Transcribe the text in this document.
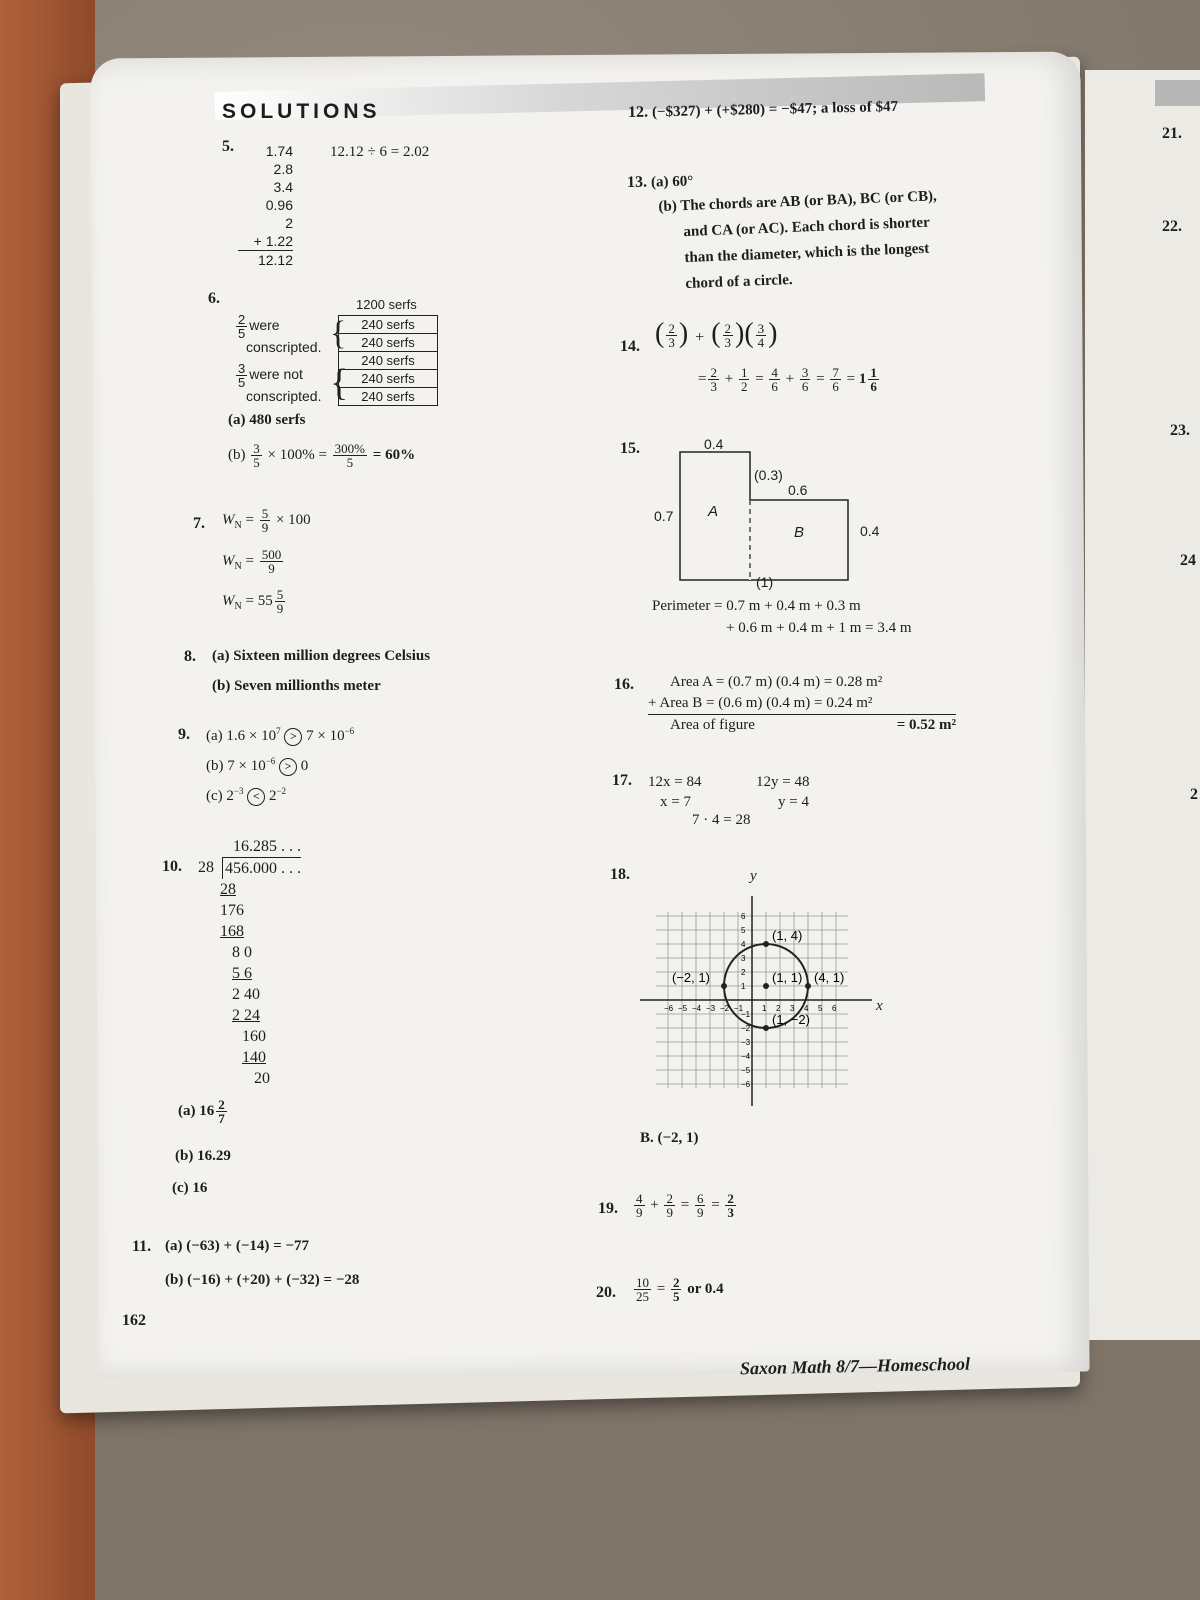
21.
22.
23.
24
2
SOLUTIONS
5.	1.74
2.8
3.4
0.96
2
+ 1.22
12.12
12.12 ÷ 6 = 2.02
6.
$\frac{2}{5}$ were
conscripted.
$\frac{3}{5}$ were not
conscripted.
1200 serfs
{
{
240 serfs
240 serfs
240 serfs
240 serfs
240 serfs
(a) 480 serfs
$(b) \frac{3}{5} \times 100\% = \frac{300\%}{5} = 60\%$
7. $W_N = \frac{5}{9} \times 100$
$W_N = \frac{500}{9}$
$W_N = 55 \frac{5}{9}$
8. (a) Sixteen million degrees Celsius
(b) Seven millionths meter
9. (a) $1.6 \times 10^7 > 7 \times 10^{-6}$
(b) $7 \times 10^{-6} > 0$
(c) $2^{-3} < 2^{-2}$
10.
16.285 . . .
28 456.000 . . .
28
176
168
8 0
5 6
2 40
2 24
160
140
20
(a) $16 \frac{2}{7}$
(b) 16.29
(c) 16
11. (a) (−63) + (−14) = −77
(b) (−16) + (+20) + (−32) = −28
162
12. (−$327) + (+$280) = −$47; a loss of $47
13. (a) 60°
(b) The chords are AB (or BA), BC (or CB),
and CA (or AC). Each chord is shorter
than the diameter, which is the longest
chord of a circle.
14. ( $\frac{2}{3}$ ) + ( $\frac{2}{3}$ )( $\frac{3}{4}$ )
= $\frac{2}{3} + \frac{1}{2} = \frac{4}{6} + \frac{3}{6} = \frac{7}{6} = 1 \frac{1}{6}$
15.	0.4
0.7
(0.3)
0.6
0.4
(1)
A
B
Perimeter = 0.7 m + 0.4 m + 0.3 m
+ 0.6 m + 0.4 m + 1 m = 3.4 m
16.	Area A = (0.7 m) (0.4 m) = 0.28 m²
+ Area B = (0.6 m) (0.4 m) = 0.24 m²
Area of figure	= 0.52 m²
17. 12x = 84
x = 7
12y = 48
y = 4
7 · 4 = 28
18.
(1, 4)
(−2, 1)	(1, 1) (4, 1)
(1, −2)
−6 −5 −4 −3 −2 −1 1 2 3 4 5 6
6
5
4
3
2
1
−1
−2
−3
−4
−5
−6
y
x
B. (−2, 1)
19. $\frac{4}{9} + \frac{2}{9} = \frac{6}{9} = \frac{2}{3}$
20. $\frac{10}{25} = \frac{2}{5}$ or 0.4
Saxon Math 8/7—Homeschool
